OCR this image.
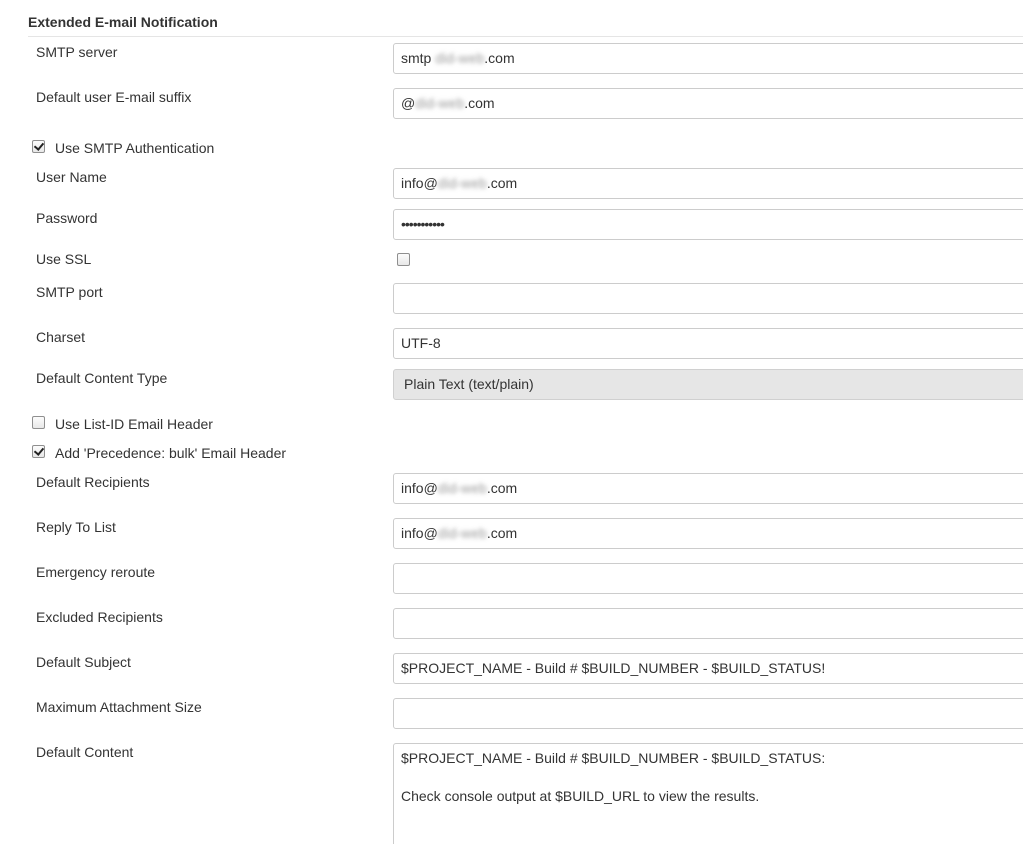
Extended E-mail Notification
SMTP server	smtp did-web.com
Default user E-mail suffix	@did-web.com
Use SMTP Authentication
User Name	info@did-web.com
Password	•••••••••••
Use SSL
SMTP port
Charset	UTF-8
Default Content Type	Plain Text (text/plain)
Use List-ID Email Header
Add 'Precedence: bulk' Email Header
Default Recipients	info@did-web.com
Reply To List	info@did-web.com
Emergency reroute
Excluded Recipients
Default Subject	$PROJECT_NAME - Build # $BUILD_NUMBER - $BUILD_STATUS!
Maximum Attachment Size
Default Content	$PROJECT_NAME - Build # $BUILD_NUMBER - $BUILD_STATUS:

Check console output at $BUILD_URL to view the results.
